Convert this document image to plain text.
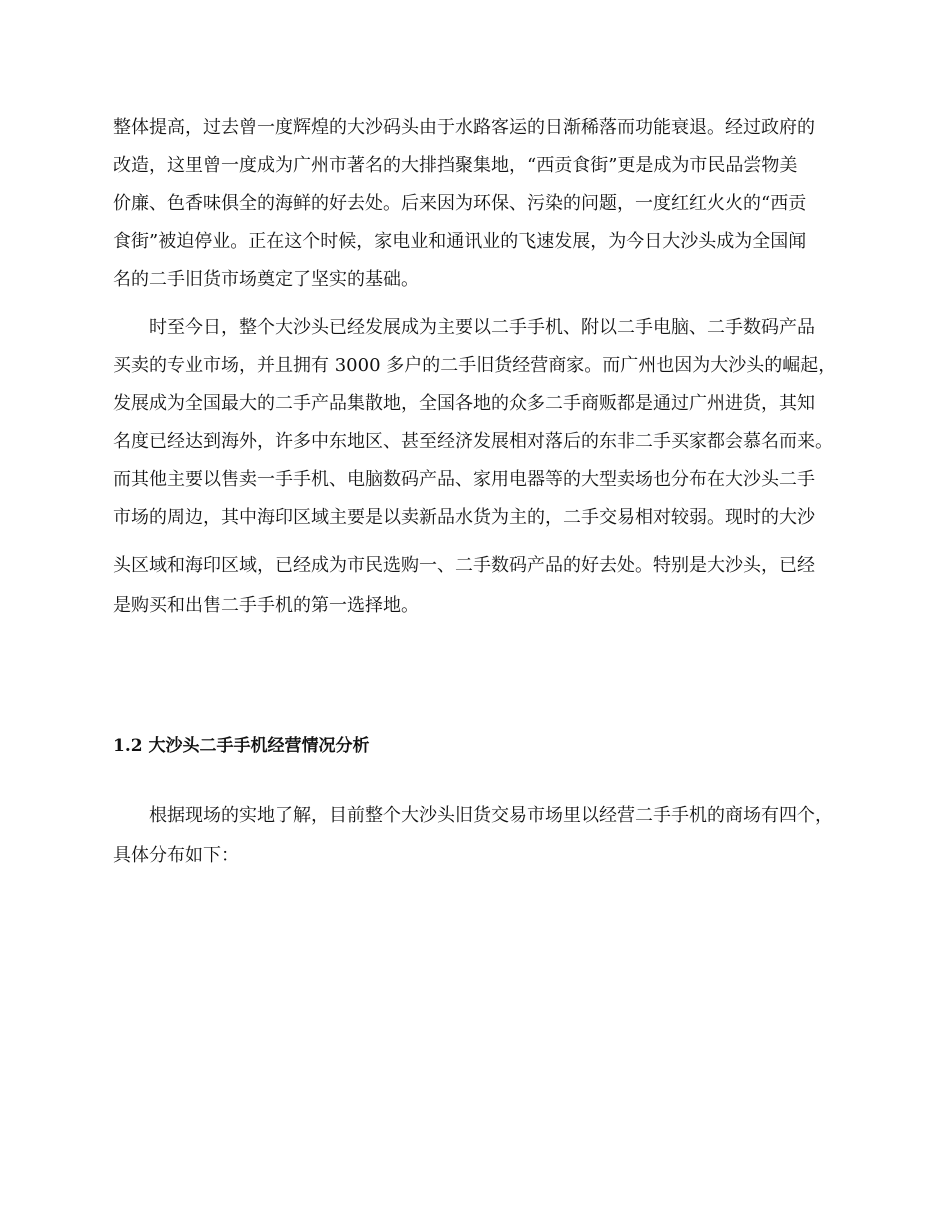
整体提高，过去曾一度辉煌的大沙码头由于水路客运的日渐稀落而功能衰退。经过政府的
改造，这里曾一度成为广州市著名的大排挡聚集地，“西贡食街”更是成为市民品尝物美
价廉、色香味俱全的海鲜的好去处。后来因为环保、污染的问题，一度红红火火的“西贡
食街”被迫停业。正在这个时候，家电业和通讯业的飞速发展，为今日大沙头成为全国闻
名的二手旧货市场奠定了坚实的基础。
　　时至今日，整个大沙头已经发展成为主要以二手手机、附以二手电脑、二手数码产品
买卖的专业市场，并且拥有 3000 多户的二手旧货经营商家。而广州也因为大沙头的崛起，
发展成为全国最大的二手产品集散地，全国各地的众多二手商贩都是通过广州进货，其知
名度已经达到海外，许多中东地区、甚至经济发展相对落后的东非二手买家都会慕名而来。
而其他主要以售卖一手手机、电脑数码产品、家用电器等的大型卖场也分布在大沙头二手
市场的周边，其中海印区域主要是以卖新品水货为主的，二手交易相对较弱。现时的大沙
头区域和海印区域，已经成为市民选购一、二手数码产品的好去处。特别是大沙头，已经
是购买和出售二手手机的第一选择地。
1.2 大沙头二手手机经营情况分析
　　根据现场的实地了解，目前整个大沙头旧货交易市场里以经营二手手机的商场有四个，
具体分布如下：
